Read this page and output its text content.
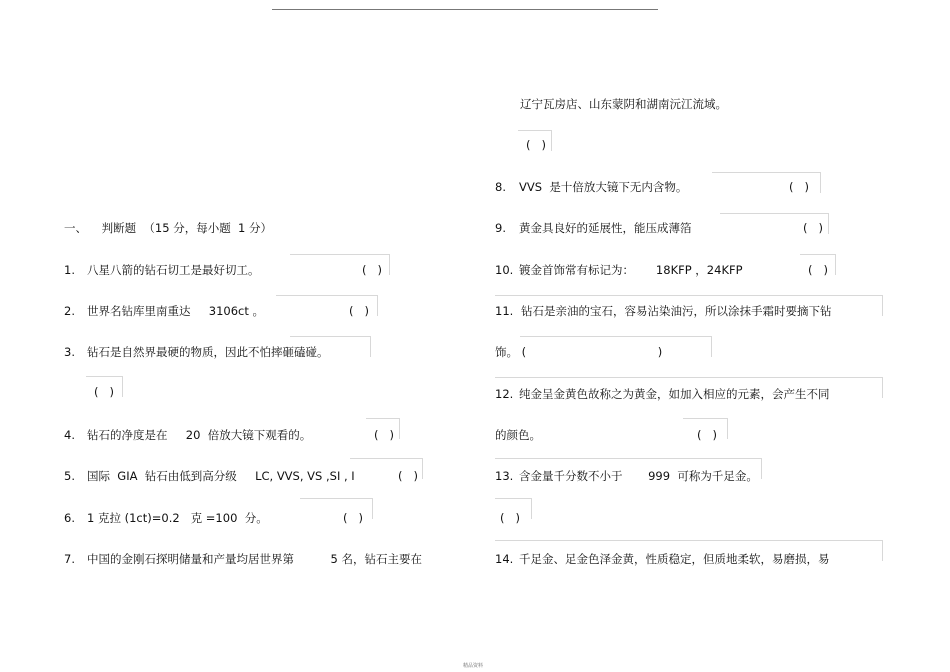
一、    判断题  （15 分，每小题  1 分）
1. 八星八箭的钻石切工是最好切工。	(   )
2. 世界名钻库里南重达     3106ct 。	(   )
3. 钻石是自然界最硬的物质，因此不怕摔砸磕碰。
(   )
4. 钻石的净度是在     20  倍放大镜下观看的。	(   )
5. 国际  GIA  钻石由低到高分级     LC, VVS, VS ,SI , I	(   )
6. 1 克拉 (1ct)=0.2   克 =100  分。	(   )
7. 中国的金刚石探明储量和产量均居世界第          5 名，钻石主要在
辽宁瓦房店、山东蒙阴和湖南沅江流域。
(   )
8. VVS  是十倍放大镜下无内含物。	(   )
9. 黄金具良好的延展性，能压成薄箔	(   )
10. 镀金首饰常有标记为：      18KFP ，24KFP	(   )
11. 钻石是亲油的宝石，容易沾染油污，所以涂抹手霜时要摘下钻
饰。 (                                    )
12. 纯金呈金黄色故称之为黄金，如加入相应的元素，会产生不同
的颜色。	(   )
13. 含金量千分数不小于       999  可称为千足金。
(   )
14. 千足金、足金色泽金黄，性质稳定，但质地柔软，易磨损，易
精品资料
